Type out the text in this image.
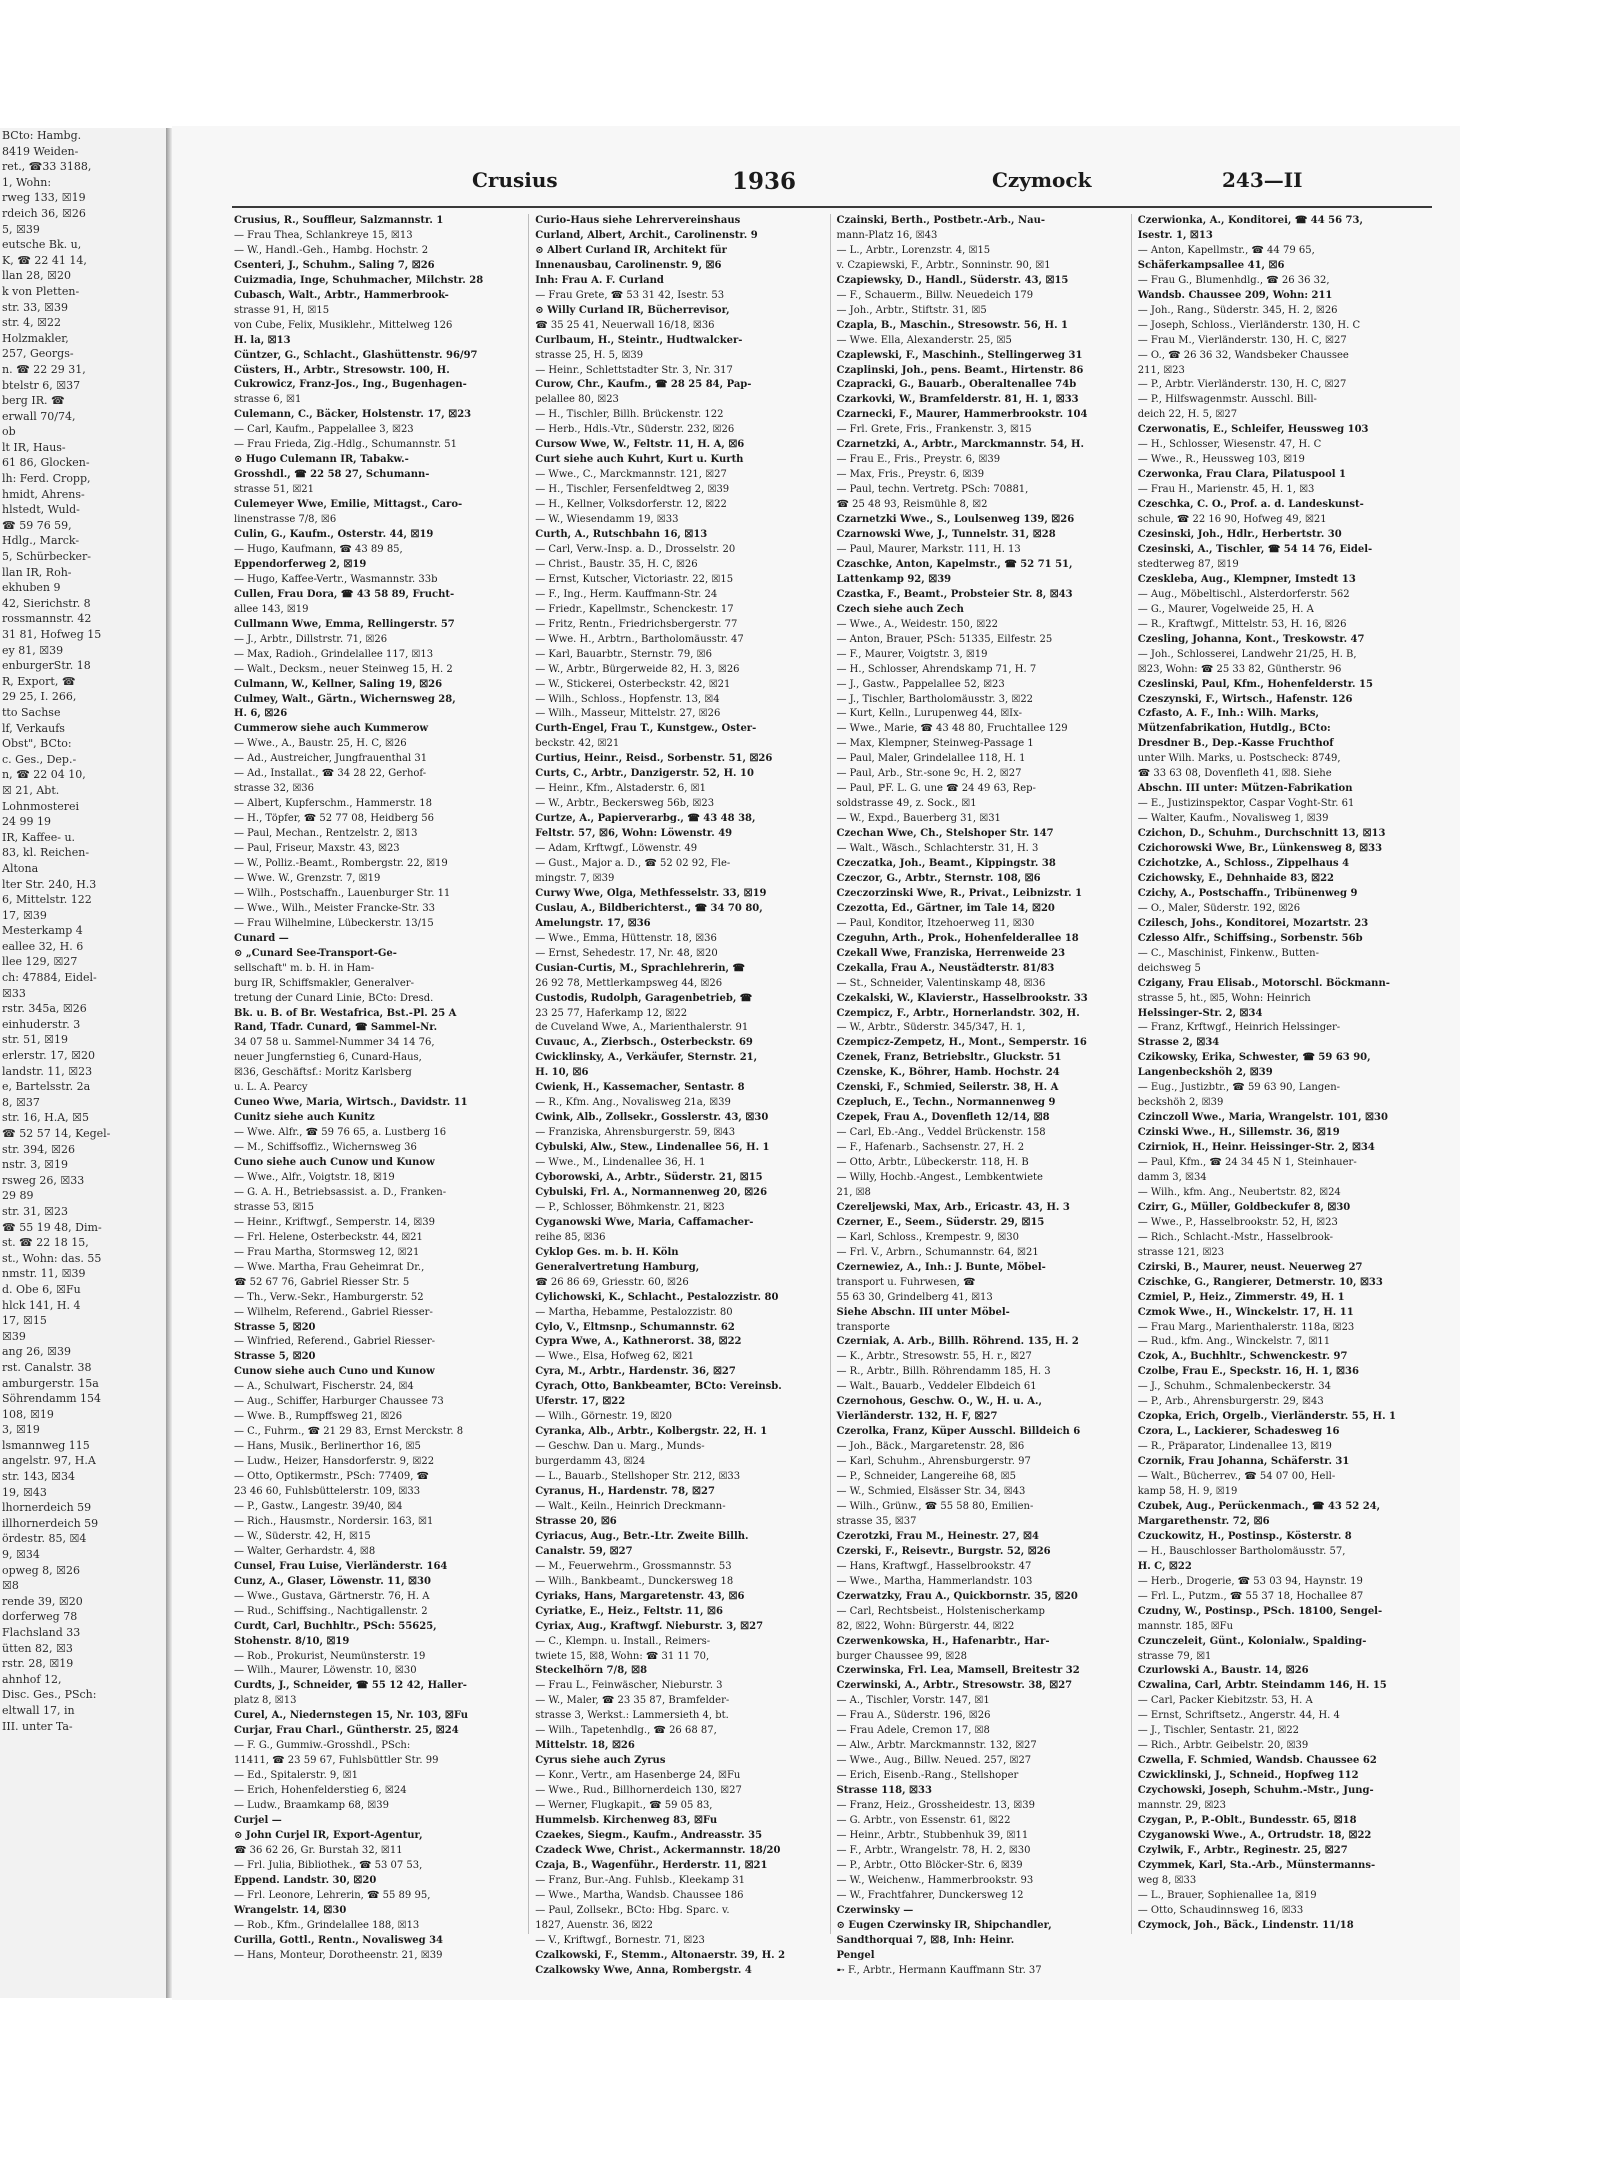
BCto: Hambg.
8419 Weiden-
ret., ☎33 3188,
1, Wohn:
rweg 133, ☒19
rdeich 36, ☒26
5, ☒39
eutsche Bk. u,
K, ☎ 22 41 14,
llan 28, ☒20
k von Pletten-
str. 33, ☒39
str. 4, ☒22
Holzmakler,
257, Georgs-
n. ☎ 22 29 31,
btelstr 6, ☒37
berg IR. ☎
erwall 70/74,
ob
lt IR, Haus-
61 86, Glocken-
lh: Ferd. Cropp,
hmidt, Ahrens-
hlstedt, Wuld-
☎ 59 76 59,
Hdlg., Marck-
5, Schürbecker-
llan IR, Roh-
ekhuben 9
42, Sierichstr. 8
rossmannstr. 42
31 81, Hofweg 15
ey 81, ☒39
enburgerStr. 18
R, Export, ☎
29 25, I. 266,
tto Sachse
lf, Verkaufs
Obst", BCto:
c. Ges., Dep.-
n, ☎ 22 04 10,
☒ 21, Abt.
Lohnmosterei
24 99 19
IR, Kaffee- u.
83, kl. Reichen-
Altona
lter Str. 240, H.3
6, Mittelstr. 122
17, ☒39
Mesterkamp 4
eallee 32, H. 6
llee 129, ☒27
ch: 47884, Eidel-
☒33
rstr. 345a, ☒26
einhuderstr. 3
str. 51, ☒19
erlerstr. 17, ☒20
landstr. 11, ☒23
e, Bartelsstr. 2a
8, ☒37
str. 16, H.A, ☒5
☎ 52 57 14, Kegel-
str. 394, ☒26
nstr. 3, ☒19
rsweg 26, ☒33
29 89
str. 31, ☒23
☎ 55 19 48, Dim-
st. ☎ 22 18 15,
st., Wohn: das. 55
nmstr. 11, ☒39
d. Obe 6, ☒Fu
hlck 141, H. 4
17, ☒15
☒39
ang 26, ☒39
rst. Canalstr. 38
amburgerstr. 15a
Söhrendamm 154
108, ☒19
3, ☒19
lsmannweg 115
angelstr. 97, H.A
str. 143, ☒34
19, ☒43
lhornerdeich 59
illhornerdeich 59
ördestr. 85, ☒4
9, ☒34
opweg 8, ☒26
☒8
rende 39, ☒20
dorferweg 78
Flachsland 33
ütten 82, ☒3
rstr. 28, ☒19
ahnhof 12,
Disc. Ges., PSch:
eltwall 17, in
III. unter Ta-
Crusius	1936	Czymock	243—II
Crusius, R., Souffleur, Salzmannstr. 1
— Frau Thea, Schlankreye 15, ☒13
— W., Handl.-Geh., Hambg. Hochstr. 2
Csenteri, J., Schuhm., Saling 7, ☒26
Cuizmadia, Inge, Schuhmacher, Milchstr. 28
Cubasch, Walt., Arbtr., Hammerbrook-
strasse 91, H, ☒15
von Cube, Felix, Musiklehr., Mittelweg 126
H. la, ☒13
Cüntzer, G., Schlacht., Glashüttenstr. 96/97
Cüsters, H., Arbtr., Stresowstr. 100, H.
Cukrowicz, Franz-Jos., Ing., Bugenhagen-
strasse 6, ☒1
Culemann, C., Bäcker, Holstenstr. 17, ☒23
— Carl, Kaufm., Pappelallee 3, ☒23
— Frau Frieda, Zig.-Hdlg., Schumannstr. 51
⊙ Hugo Culemann IR, Tabakw.-
Grosshdl., ☎ 22 58 27, Schumann-
strasse 51, ☒21
Culemeyer Wwe, Emilie, Mittagst., Caro-
linenstrasse 7/8, ☒6
Culin, G., Kaufm., Osterstr. 44, ☒19
— Hugo, Kaufmann, ☎ 43 89 85,
Eppendorferweg 2, ☒19
— Hugo, Kaffee-Vertr., Wasmannstr. 33b
Cullen, Frau Dora, ☎ 43 58 89, Frucht-
allee 143, ☒19
Cullmann Wwe, Emma, Rellingerstr. 57
— J., Arbtr., Dillstrstr. 71, ☒26
— Max, Radioh., Grindelallee 117, ☒13
— Walt., Decksm., neuer Steinweg 15, H. 2
Culmann, W., Kellner, Saling 19, ☒26
Culmey, Walt., Gärtn., Wichernsweg 28,
H. 6, ☒26
Cummerow siehe auch Kummerow
— Wwe., A., Baustr. 25, H. C, ☒26
— Ad., Austreicher, Jungfrauenthal 31
— Ad., Installat., ☎ 34 28 22, Gerhof-
strasse 32, ☒36
— Albert, Kupferschm., Hammerstr. 18
— H., Töpfer, ☎ 52 77 08, Heidberg 56
— Paul, Mechan., Rentzelstr. 2, ☒13
— Paul, Friseur, Maxstr. 43, ☒23
— W., Polliz.-Beamt., Rombergstr. 22, ☒19
— Wwe. W., Grenzstr. 7, ☒19
— Wilh., Postschaffn., Lauenburger Str. 11
— Wwe., Wilh., Meister Francke-Str. 33
— Frau Wilhelmine, Lübeckerstr. 13/15
Cunard —
⊙ „Cunard See-Transport-Ge-
sellschaft" m. b. H. in Ham-
burg IR, Schiffsmakler, Generalver-
tretung der Cunard Linie, BCto: Dresd.
Bk. u. B. of Br. Westafrica, Bst.-Pl. 25 A
Rand, Tfadr. Cunard, ☎ Sammel-Nr.
34 07 58 u. Sammel-Nummer 34 14 76,
neuer Jungfernstieg 6, Cunard-Haus,
☒36, Geschäftsf.: Moritz Karlsberg
u. L. A. Pearcy
Cuneo Wwe, Maria, Wirtsch., Davidstr. 11
Cunitz siehe auch Kunitz
— Wwe. Alfr., ☎ 59 76 65, a. Lustberg 16
— M., Schiffsoffiz., Wichernsweg 36
Cuno siehe auch Cunow und Kunow
— Wwe., Alfr., Voigtstr. 18, ☒19
— G. A. H., Betriebsassist. a. D., Franken-
strasse 53, ☒15
— Heinr., Kriftwgf., Semperstr. 14, ☒39
— Frl. Helene, Osterbeckstr. 44, ☒21
— Frau Martha, Stormsweg 12, ☒21
— Wwe. Martha, Frau Geheimrat Dr.,
☎ 52 67 76, Gabriel Riesser Str. 5
— Th., Verw.-Sekr., Hamburgerstr. 52
— Wilhelm, Referend., Gabriel Riesser-
Strasse 5, ☒20
— Winfried, Referend., Gabriel Riesser-
Strasse 5, ☒20
Cunow siehe auch Cuno und Kunow
— A., Schulwart, Fischerstr. 24, ☒4
— Aug., Schiffer, Harburger Chaussee 73
— Wwe. B., Rumpffsweg 21, ☒26
— C., Fuhrm., ☎ 21 29 83, Ernst Merckstr. 8
— Hans, Musik., Berlinerthor 16, ☒5
— Ludw., Heizer, Hansdorferstr. 9, ☒22
— Otto, Optikermstr., PSch: 77409, ☎
23 46 60, Fuhlsbüttelerstr. 109, ☒33
— P., Gastw., Langestr. 39/40, ☒4
— Rich., Hausmstr., Nordersir. 163, ☒1
— W., Süderstr. 42, H, ☒15
— Walter, Gerhardstr. 4, ☒8
Cunsel, Frau Luise, Vierländerstr. 164
Cunz, A., Glaser, Löwenstr. 11, ☒30
— Wwe., Gustava, Gärtnerstr. 76, H. A
— Rud., Schiffsing., Nachtigallenstr. 2
Curdt, Carl, Buchhltr., PSch: 55625,
Stohenstr. 8/10, ☒19
— Rob., Prokurist, Neumünsterstr. 19
— Wilh., Maurer, Löwenstr. 10, ☒30
Curdts, J., Schneider, ☎ 55 12 42, Haller-
platz 8, ☒13
Curel, A., Niedernstegen 15, Nr. 103, ☒Fu
Curjar, Frau Charl., Güntherstr. 25, ☒24
— F. G., Gummiw.-Grosshdl., PSch:
11411, ☎ 23 59 67, Fuhlsbüttler Str. 99
— Ed., Spitalerstr. 9, ☒1
— Erich, Hohenfelderstieg 6, ☒24
— Ludw., Braamkamp 68, ☒39
Curjel —
⊙ John Curjel IR, Export-Agentur,
☎ 36 62 26, Gr. Burstah 32, ☒11
— Frl. Julia, Bibliothek., ☎ 53 07 53,
Eppend. Landstr. 30, ☒20
— Frl. Leonore, Lehrerin, ☎ 55 89 95,
Wrangelstr. 14, ☒30
— Rob., Kfm., Grindelallee 188, ☒13
Curilla, Gottl., Rentn., Novalisweg 34
— Hans, Monteur, Dorotheenstr. 21, ☒39
Curio-Haus siehe Lehrervereinshaus
Curland, Albert, Archit., Carolinenstr. 9
⊙ Albert Curland IR, Architekt für
Innenausbau, Carolinenstr. 9, ☒6
Inh: Frau A. F. Curland
— Frau Grete, ☎ 53 31 42, Isestr. 53
⊙ Willy Curland IR, Bücherrevisor,
☎ 35 25 41, Neuerwall 16/18, ☒36
Curlbaum, H., Steintr., Hudtwalcker-
strasse 25, H. 5, ☒39
— Heinr., Schlettstadter Str. 3, Nr. 317
Curow, Chr., Kaufm., ☎ 28 25 84, Pap-
pelallee 80, ☒23
— H., Tischler, Billh. Brückenstr. 122
— Herb., Hdls.-Vtr., Süderstr. 232, ☒26
Cursow Wwe, W., Feltstr. 11, H. A, ☒6
Curt siehe auch Kuhrt, Kurt u. Kurth
— Wwe., C., Marckmannstr. 121, ☒27
— H., Tischler, Fersenfeldtweg 2, ☒39
— H., Kellner, Volksdorferstr. 12, ☒22
— W., Wiesendamm 19, ☒33
Curth, A., Rutschbahn 16, ☒13
— Carl, Verw.-Insp. a. D., Drosselstr. 20
— Christ., Baustr. 35, H. C, ☒26
— Ernst, Kutscher, Victoriastr. 22, ☒15
— F., Ing., Herm. Kauffmann-Str. 24
— Friedr., Kapellmstr., Schenckestr. 17
— Fritz, Rentn., Friedrichsbergerstr. 77
— Wwe. H., Arbtrn., Bartholomäusstr. 47
— Karl, Bauarbtr., Sternstr. 79, ☒6
— W., Arbtr., Bürgerweide 82, H. 3, ☒26
— W., Stickerei, Osterbeckstr. 42, ☒21
— Wilh., Schloss., Hopfenstr. 13, ☒4
— Wilh., Masseur, Mittelstr. 27, ☒26
Curth-Engel, Frau T., Kunstgew., Oster-
beckstr. 42, ☒21
Curtius, Heinr., Reisd., Sorbenstr. 51, ☒26
Curts, C., Arbtr., Danzigerstr. 52, H. 10
— Heinr., Kfm., Alstaderstr. 6, ☒1
— W., Arbtr., Beckersweg 56b, ☒23
Curtze, A., Papierverarbg., ☎ 43 48 38,
Feltstr. 57, ☒6, Wohn: Löwenstr. 49
— Adam, Krftwgf., Löwenstr. 49
— Gust., Major a. D., ☎ 52 02 92, Fle-
mingstr. 7, ☒39
Curwy Wwe, Olga, Methfesselstr. 33, ☒19
Cuslau, A., Bildberichterst., ☎ 34 70 80,
Amelungstr. 17, ☒36
— Wwe., Emma, Hüttenstr. 18, ☒36
— Ernst, Sehedestr. 17, Nr. 48, ☒20
Cusian-Curtis, M., Sprachlehrerin, ☎
26 92 78, Mettlerkampsweg 44, ☒26
Custodis, Rudolph, Garagenbetrieb, ☎
23 25 77, Haferkamp 12, ☒22
de Cuveland Wwe, A., Marienthalerstr. 91
Cuvauc, A., Zierbsch., Osterbeckstr. 69
Cwicklinsky, A., Verkäufer, Sternstr. 21,
H. 10, ☒6
Cwienk, H., Kassemacher, Sentastr. 8
— R., Kfm. Ang., Novalisweg 21a, ☒39
Cwink, Alb., Zollsekr., Gosslerstr. 43, ☒30
— Franziska, Ahrensburgerstr. 59, ☒43
Cybulski, Alw., Stew., Lindenallee 56, H. 1
— Wwe., M., Lindenallee 36, H. 1
Cyborowski, A., Arbtr., Süderstr. 21, ☒15
Cybulski, Frl. A., Normannenweg 20, ☒26
— P., Schlosser, Böhmkenstr. 21, ☒23
Cyganowski Wwe, Maria, Caffamacher-
reihe 85, ☒36
Cyklop Ges. m. b. H. Köln
Generalvertretung Hamburg,
☎ 26 86 69, Griesstr. 60, ☒26
Cylichowski, K., Schlacht., Pestalozzistr. 80
— Martha, Hebamme, Pestalozzistr. 80
Cylo, V., Eltmsnp., Schumannstr. 62
Cypra Wwe, A., Kathnerorst. 38, ☒22
— Wwe., Elsa, Hofweg 62, ☒21
Cyra, M., Arbtr., Hardenstr. 36, ☒27
Cyrach, Otto, Bankbeamter, BCto: Vereinsb.
Uferstr. 17, ☒22
— Wilh., Görnestr. 19, ☒20
Cyranka, Alb., Arbtr., Kolbergstr. 22, H. 1
— Geschw. Dan u. Marg., Munds-
burgerdamm 43, ☒24
— L., Bauarb., Stellshoper Str. 212, ☒33
Cyranus, H., Hardenstr. 78, ☒27
— Walt., Keiln., Heinrich Dreckmann-
Strasse 20, ☒6
Cyriacus, Aug., Betr.-Ltr. Zweite Billh.
Canalstr. 59, ☒27
— M., Feuerwehrm., Grossmannstr. 53
— Wilh., Bankbeamt., Dunckersweg 18
Cyriaks, Hans, Margaretenstr. 43, ☒6
Cyriatke, E., Heiz., Feltstr. 11, ☒6
Cyriax, Aug., Kraftwgf. Nieburstr. 3, ☒27
— C., Klempn. u. Install., Reimers-
twiete 15, ☒8, Wohn: ☎ 31 11 70,
Steckelhörn 7/8, ☒8
— Frau L., Feinwäscher, Nieburstr. 3
— W., Maler, ☎ 23 35 87, Bramfelder-
strasse 3, Werkst.: Lammersieth 4, bt.
— Wilh., Tapetenhdlg., ☎ 26 68 87,
Mittelstr. 18, ☒26
Cyrus siehe auch Zyrus
— Konr., Vertr., am Hasenberge 24, ☒Fu
— Wwe., Rud., Billhornerdeich 130, ☒27
— Werner, Flugkapit., ☎ 59 05 83,
Hummelsb. Kirchenweg 83, ☒Fu
Czaekes, Siegm., Kaufm., Andreasstr. 35
Czadeck Wwe, Christ., Ackermannstr. 18/20
Czaja, B., Wagenführ., Herderstr. 11, ☒21
— Franz, Bur.-Ang. Fuhlsb., Kleekamp 31
— Wwe., Martha, Wandsb. Chaussee 186
— Paul, Zollsekr., BCto: Hbg. Sparc. v.
1827, Auenstr. 36, ☒22
— V., Kriftwgf., Bornestr. 71, ☒23
Czalkowski, F., Stemm., Altonaerstr. 39, H. 2
Czalkowsky Wwe, Anna, Rombergstr. 4
Czainski, Berth., Postbetr.-Arb., Nau-
mann-Platz 16, ☒43
— L., Arbtr., Lorenzstr. 4, ☒15
v. Czapiewski, F., Arbtr., Sonninstr. 90, ☒1
Czapiewsky, D., Handl., Süderstr. 43, ☒15
— F., Schauerm., Billw. Neuedeich 179
— Joh., Arbtr., Stiftstr. 31, ☒5
Czapla, B., Maschin., Stresowstr. 56, H. 1
— Wwe. Ella, Alexanderstr. 25, ☒5
Czaplewski, F., Maschinh., Stellingerweg 31
Czaplinski, Joh., pens. Beamt., Hirtenstr. 86
Czapracki, G., Bauarb., Oberaltenallee 74b
Czarkovki, W., Bramfelderstr. 81, H. 1, ☒33
Czarnecki, F., Maurer, Hammerbrookstr. 104
— Frl. Grete, Fris., Frankenstr. 3, ☒15
Czarnetzki, A., Arbtr., Marckmannstr. 54, H.
— Frau E., Fris., Preystr. 6, ☒39
— Max, Fris., Preystr. 6, ☒39
— Paul, techn. Vertretg. PSch: 70881,
☎ 25 48 93, Reismühle 8, ☒2
Czarnetzki Wwe., S., Loulsenweg 139, ☒26
Czarnowski Wwe, J., Tunnelstr. 31, ☒28
— Paul, Maurer, Markstr. 111, H. 13
Czaschke, Anton, Kapelmstr., ☎ 52 71 51,
Lattenkamp 92, ☒39
Czastka, F., Beamt., Probsteier Str. 8, ☒43
Czech siehe auch Zech
— Wwe., A., Weidestr. 150, ☒22
— Anton, Brauer, PSch: 51335, Eilfestr. 25
— F., Maurer, Voigtstr. 3, ☒19
— H., Schlosser, Ahrendskamp 71, H. 7
— J., Gastw., Pappelallee 52, ☒23
— J., Tischler, Bartholomäusstr. 3, ☒22
— Kurt, Kelln., Lurupenweg 44, ☒Ix-
— Wwe., Marie, ☎ 43 48 80, Fruchtallee 129
— Max, Klempner, Steinweg-Passage 1
— Paul, Maler, Grindelallee 118, H. 1
— Paul, Arb., Str.-sone 9c, H. 2, ☒27
— Paul, ℙF. L. G. une ☎ 24 49 63, Rep-
soldstrasse 49, z. Sock., ☒1
— W., Expd., Bauerberg 31, ☒31
Czechan Wwe, Ch., Stelshoper Str. 147
— Walt., Wäsch., Schlachterstr. 31, H. 3
Czeczatka, Joh., Beamt., Kippingstr. 38
Czeczor, G., Arbtr., Sternstr. 108, ☒6
Czeczorzinski Wwe, R., Privat., Leibnizstr. 1
Czezotta, Ed., Gärtner, im Tale 14, ☒20
— Paul, Konditor, Itzehoerweg 11, ☒30
Czeguhn, Arth., Prok., Hohenfelderallee 18
Czekall Wwe, Franziska, Herrenweide 23
Czekalla, Frau A., Neustädterstr. 81/83
— St., Schneider, Valentinskamp 48, ☒36
Czekalski, W., Klavierstr., Hasselbrookstr. 33
Czempicz, F., Arbtr., Hornerlandstr. 302, H.
— W., Arbtr., Süderstr. 345/347, H. 1,
Czempicz-Zempetz, H., Mont., Semperstr. 16
Czenek, Franz, Betriebsltr., Gluckstr. 51
Czenske, K., Böhrer, Hamb. Hochstr. 24
Czenski, F., Schmied, Seilerstr. 38, H. A
Czepluch, E., Techn., Normannenweg 9
Czepek, Frau A., Dovenfleth 12/14, ☒8
— Carl, Eb.-Ang., Veddel Brückenstr. 158
— F., Hafenarb., Sachsenstr. 27, H. 2
— Otto, Arbtr., Lübeckerstr. 118, H. B
— Willy, Hochb.-Angest., Lembkentwiete
21, ☒8
Czereljewski, Max, Arb., Ericastr. 43, H. 3
Czerner, E., Seem., Süderstr. 29, ☒15
— Karl, Schloss., Krempestr. 9, ☒30
— Frl. V., Arbrn., Schumannstr. 64, ☒21
Czernewiez, A., Inh.: J. Bunte, Möbel-
transport u. Fuhrwesen, ☎
55 63 30, Grindelberg 41, ☒13
Siehe Abschn. III unter Möbel-
transporte
Czerniak, A. Arb., Billh. Röhrend. 135, H. 2
— K., Arbtr., Stresowstr. 55, H. r., ☒27
— R., Arbtr., Billh. Röhrendamm 185, H. 3
— Walt., Bauarb., Veddeler Elbdeich 61
Czernohous, Geschw. O., W., H. u. A.,
Vierländerstr. 132, H. F, ☒27
Czerolka, Franz, Küper Ausschl. Billdeich 6
— Joh., Bäck., Margaretenstr. 28, ☒6
— Karl, Schuhm., Ahrensburgerstr. 97
— P., Schneider, Langereihe 68, ☒5
— W., Schmied, Elsässer Str. 34, ☒43
— Wilh., Grünw., ☎ 55 58 80, Emilien-
strasse 35, ☒37
Czerotzki, Frau M., Heinestr. 27, ☒4
Czerski, F., Reisevtr., Burgstr. 52, ☒26
— Hans, Kraftwgf., Hasselbrookstr. 47
— Wwe., Martha, Hammerlandstr. 103
Czerwatzky, Frau A., Quickbornstr. 35, ☒20
— Carl, Rechtsbeist., Holstenischerkamp
82, ☒22, Wohn: Bürgerstr. 44, ☒22
Czerwenkowska, H., Hafenarbtr., Har-
burger Chaussee 99, ☒28
Czerwinska, Frl. Lea, Mamsell, Breitestr 32
Czerwinski, A., Arbtr., Stresowstr. 38, ☒27
— A., Tischler, Vorstr. 147, ☒1
— Frau A., Süderstr. 196, ☒26
— Frau Adele, Cremon 17, ☒8
— Alw., Arbtr. Marckmannstr. 132, ☒27
— Wwe., Aug., Billw. Neued. 257, ☒27
— Erich, Eisenb.-Rang., Stellshoper
Strasse 118, ☒33
— Franz, Heiz., Grossheidestr. 13, ☒39
— G. Arbtr., von Essenstr. 61, ☒22
— Heinr., Arbtr., Stubbenhuk 39, ☒11
— F., Arbtr., Wrangelstr. 78, H. 2, ☒30
— P., Arbtr., Otto Blöcker-Str. 6, ☒39
— W., Weichenw., Hammerbrookstr. 93
— W., Frachtfahrer, Dunckersweg 12
Czerwinsky —
⊙ Eugen Czerwinsky IR, Shipchandler,
Sandthorquai 7, ☒8, Inh: Heinr.
Pengel
➸ F., Arbtr., Hermann Kauffmann Str. 37
Czerwionka, A., Konditorei, ☎ 44 56 73,
Isestr. 1, ☒13
— Anton, Kapellmstr., ☎ 44 79 65,
Schäferkampsallee 41, ☒6
— Frau G., Blumenhdlg., ☎ 26 36 32,
Wandsb. Chaussee 209, Wohn: 211
— Joh., Rang., Süderstr. 345, H. 2, ☒26
— Joseph, Schloss., Vierländerstr. 130, H. C
— Frau M., Vierländerstr. 130, H. C, ☒27
— O., ☎ 26 36 32, Wandsbeker Chaussee
211, ☒23
— P., Arbtr. Vierländerstr. 130, H. C, ☒27
— P., Hilfswagenmstr. Ausschl. Bill-
deich 22, H. 5, ☒27
Czerwonatis, E., Schleifer, Heussweg 103
— H., Schlosser, Wiesenstr. 47, H. C
— Wwe., R., Heussweg 103, ☒19
Czerwonka, Frau Clara, Pilatuspool 1
— Frau H., Marienstr. 45, H. 1, ☒3
Czeschka, C. O., Prof. a. d. Landeskunst-
schule, ☎ 22 16 90, Hofweg 49, ☒21
Czesinski, Joh., Hdlr., Herbertstr. 30
Czesinski, A., Tischler, ☎ 54 14 76, Eidel-
stedterweg 87, ☒19
Czeskleba, Aug., Klempner, Imstedt 13
— Aug., Möbeltischl., Alsterdorferstr. 562
— G., Maurer, Vogelweide 25, H. A
— R., Kraftwgf., Mittelstr. 53, H. 16, ☒26
Czesling, Johanna, Kont., Treskowstr. 47
— Joh., Schlosserei, Landwehr 21/25, H. B,
☒23, Wohn: ☎ 25 33 82, Güntherstr. 96
Czeslinski, Paul, Kfm., Hohenfelderstr. 15
Czeszynski, F., Wirtsch., Hafenstr. 126
Czfasto, A. F., Inh.: Wilh. Marks,
Mützenfabrikation, Hutdlg., BCto:
Dresdner B., Dep.-Kasse Fruchthof
unter Wilh. Marks, u. Postscheck: 8749,
☎ 33 63 08, Dovenfleth 41, ☒8. Siehe
Abschn. III unter: Mützen-Fabrikation
— E., Justizinspektor, Caspar Voght-Str. 61
— Walter, Kaufm., Novalisweg 1, ☒39
Czichon, D., Schuhm., Durchschnitt 13, ☒13
Czichorowski Wwe, Br., Lünkensweg 8, ☒33
Czichotzke, A., Schloss., Zippelhaus 4
Czichowsky, E., Dehnhaide 83, ☒22
Czichy, A., Postschaffn., Tribünenweg 9
— O., Maler, Süderstr. 192, ☒26
Czilesch, Johs., Konditorei, Mozartstr. 23
Czlesso Alfr., Schiffsing., Sorbenstr. 56b
— C., Maschinist, Finkenw., Butten-
deichsweg 5
Czigany, Frau Elisab., Motorschl. Böckmann-
strasse 5, ht., ☒5, Wohn: Heinrich
Helssinger-Str. 2, ☒34
— Franz, Krftwgf., Heinrich Helssinger-
Strasse 2, ☒34
Czikowsky, Erika, Schwester, ☎ 59 63 90,
Langenbeckshöh 2, ☒39
— Eug., Justizbtr., ☎ 59 63 90, Langen-
beckshöh 2, ☒39
Czinczoll Wwe., Maria, Wrangelstr. 101, ☒30
Czinski Wwe., H., Sillemstr. 36, ☒19
Czirniok, H., Heinr. Heissinger-Str. 2, ☒34
— Paul, Kfm., ☎ 24 34 45 N 1, Steinhauer-
damm 3, ☒34
— Wilh., kfm. Ang., Neubertstr. 82, ☒24
Czirr, G., Müller, Goldbeckufer 8, ☒30
— Wwe., P., Hasselbrookstr. 52, H, ☒23
— Rich., Schlacht.-Mstr., Hasselbrook-
strasse 121, ☒23
Czirski, B., Maurer, neust. Neuerweg 27
Czischke, G., Rangierer, Detmerstr. 10, ☒33
Czmiel, P., Heiz., Zimmerstr. 49, H. 1
Czmok Wwe., H., Winckelstr. 17, H. 11
— Frau Marg., Marienthalerstr. 118a, ☒23
— Rud., kfm. Ang., Winckelstr. 7, ☒11
Czok, A., Buchhltr., Schwenckestr. 97
Czolbe, Frau E., Speckstr. 16, H. 1, ☒36
— J., Schuhm., Schmalenbeckerstr. 34
— P., Arb., Ahrensburgerstr. 29, ☒43
Czopka, Erich, Orgelb., Vierländerstr. 55, H. 1
Czora, L., Lackierer, Schadesweg 16
— R., Präparator, Lindenallee 13, ☒19
Czornik, Frau Johanna, Schäferstr. 31
— Walt., Bücherrev., ☎ 54 07 00, Hell-
kamp 58, H. 9, ☒19
Czubek, Aug., Perückenmach., ☎ 43 52 24,
Margarethenstr. 72, ☒6
Czuckowitz, H., Postinsp., Kösterstr. 8
— H., Bauschlosser Bartholomäusstr. 57,
H. C, ☒22
— Herb., Drogerie, ☎ 53 03 94, Haynstr. 19
— Frl. L., Putzm., ☎ 55 37 18, Hochallee 87
Czudny, W., Postinsp., PSch. 18100, Sengel-
mannstr. 185, ☒Fu
Czunczeleit, Günt., Kolonialw., Spalding-
strasse 79, ☒1
Czurlowski A., Baustr. 14, ☒26
Czwalina, Carl, Arbtr. Steindamm 146, H. 15
— Carl, Packer Kiebitzstr. 53, H. A
— Ernst, Schriftsetz., Angerstr. 44, H. 4
— J., Tischler, Sentastr. 21, ☒22
— Rich., Arbtr. Geibelstr. 20, ☒39
Czwella, F. Schmied, Wandsb. Chaussee 62
Czwicklinski, J., Schneid., Hopfweg 112
Czychowski, Joseph, Schuhm.-Mstr., Jung-
mannstr. 29, ☒23
Czygan, P., P.-Oblt., Bundesstr. 65, ☒18
Czyganowski Wwe., A., Ortrudstr. 18, ☒22
Czylwik, F., Arbtr., Reginestr. 25, ☒27
Czymmek, Karl, Sta.-Arb., Münstermanns-
weg 8, ☒33
— L., Brauer, Sophienallee 1a, ☒19
— Otto, Schaudinnsweg 16, ☒33
Czymock, Joh., Bäck., Lindenstr. 11/18
